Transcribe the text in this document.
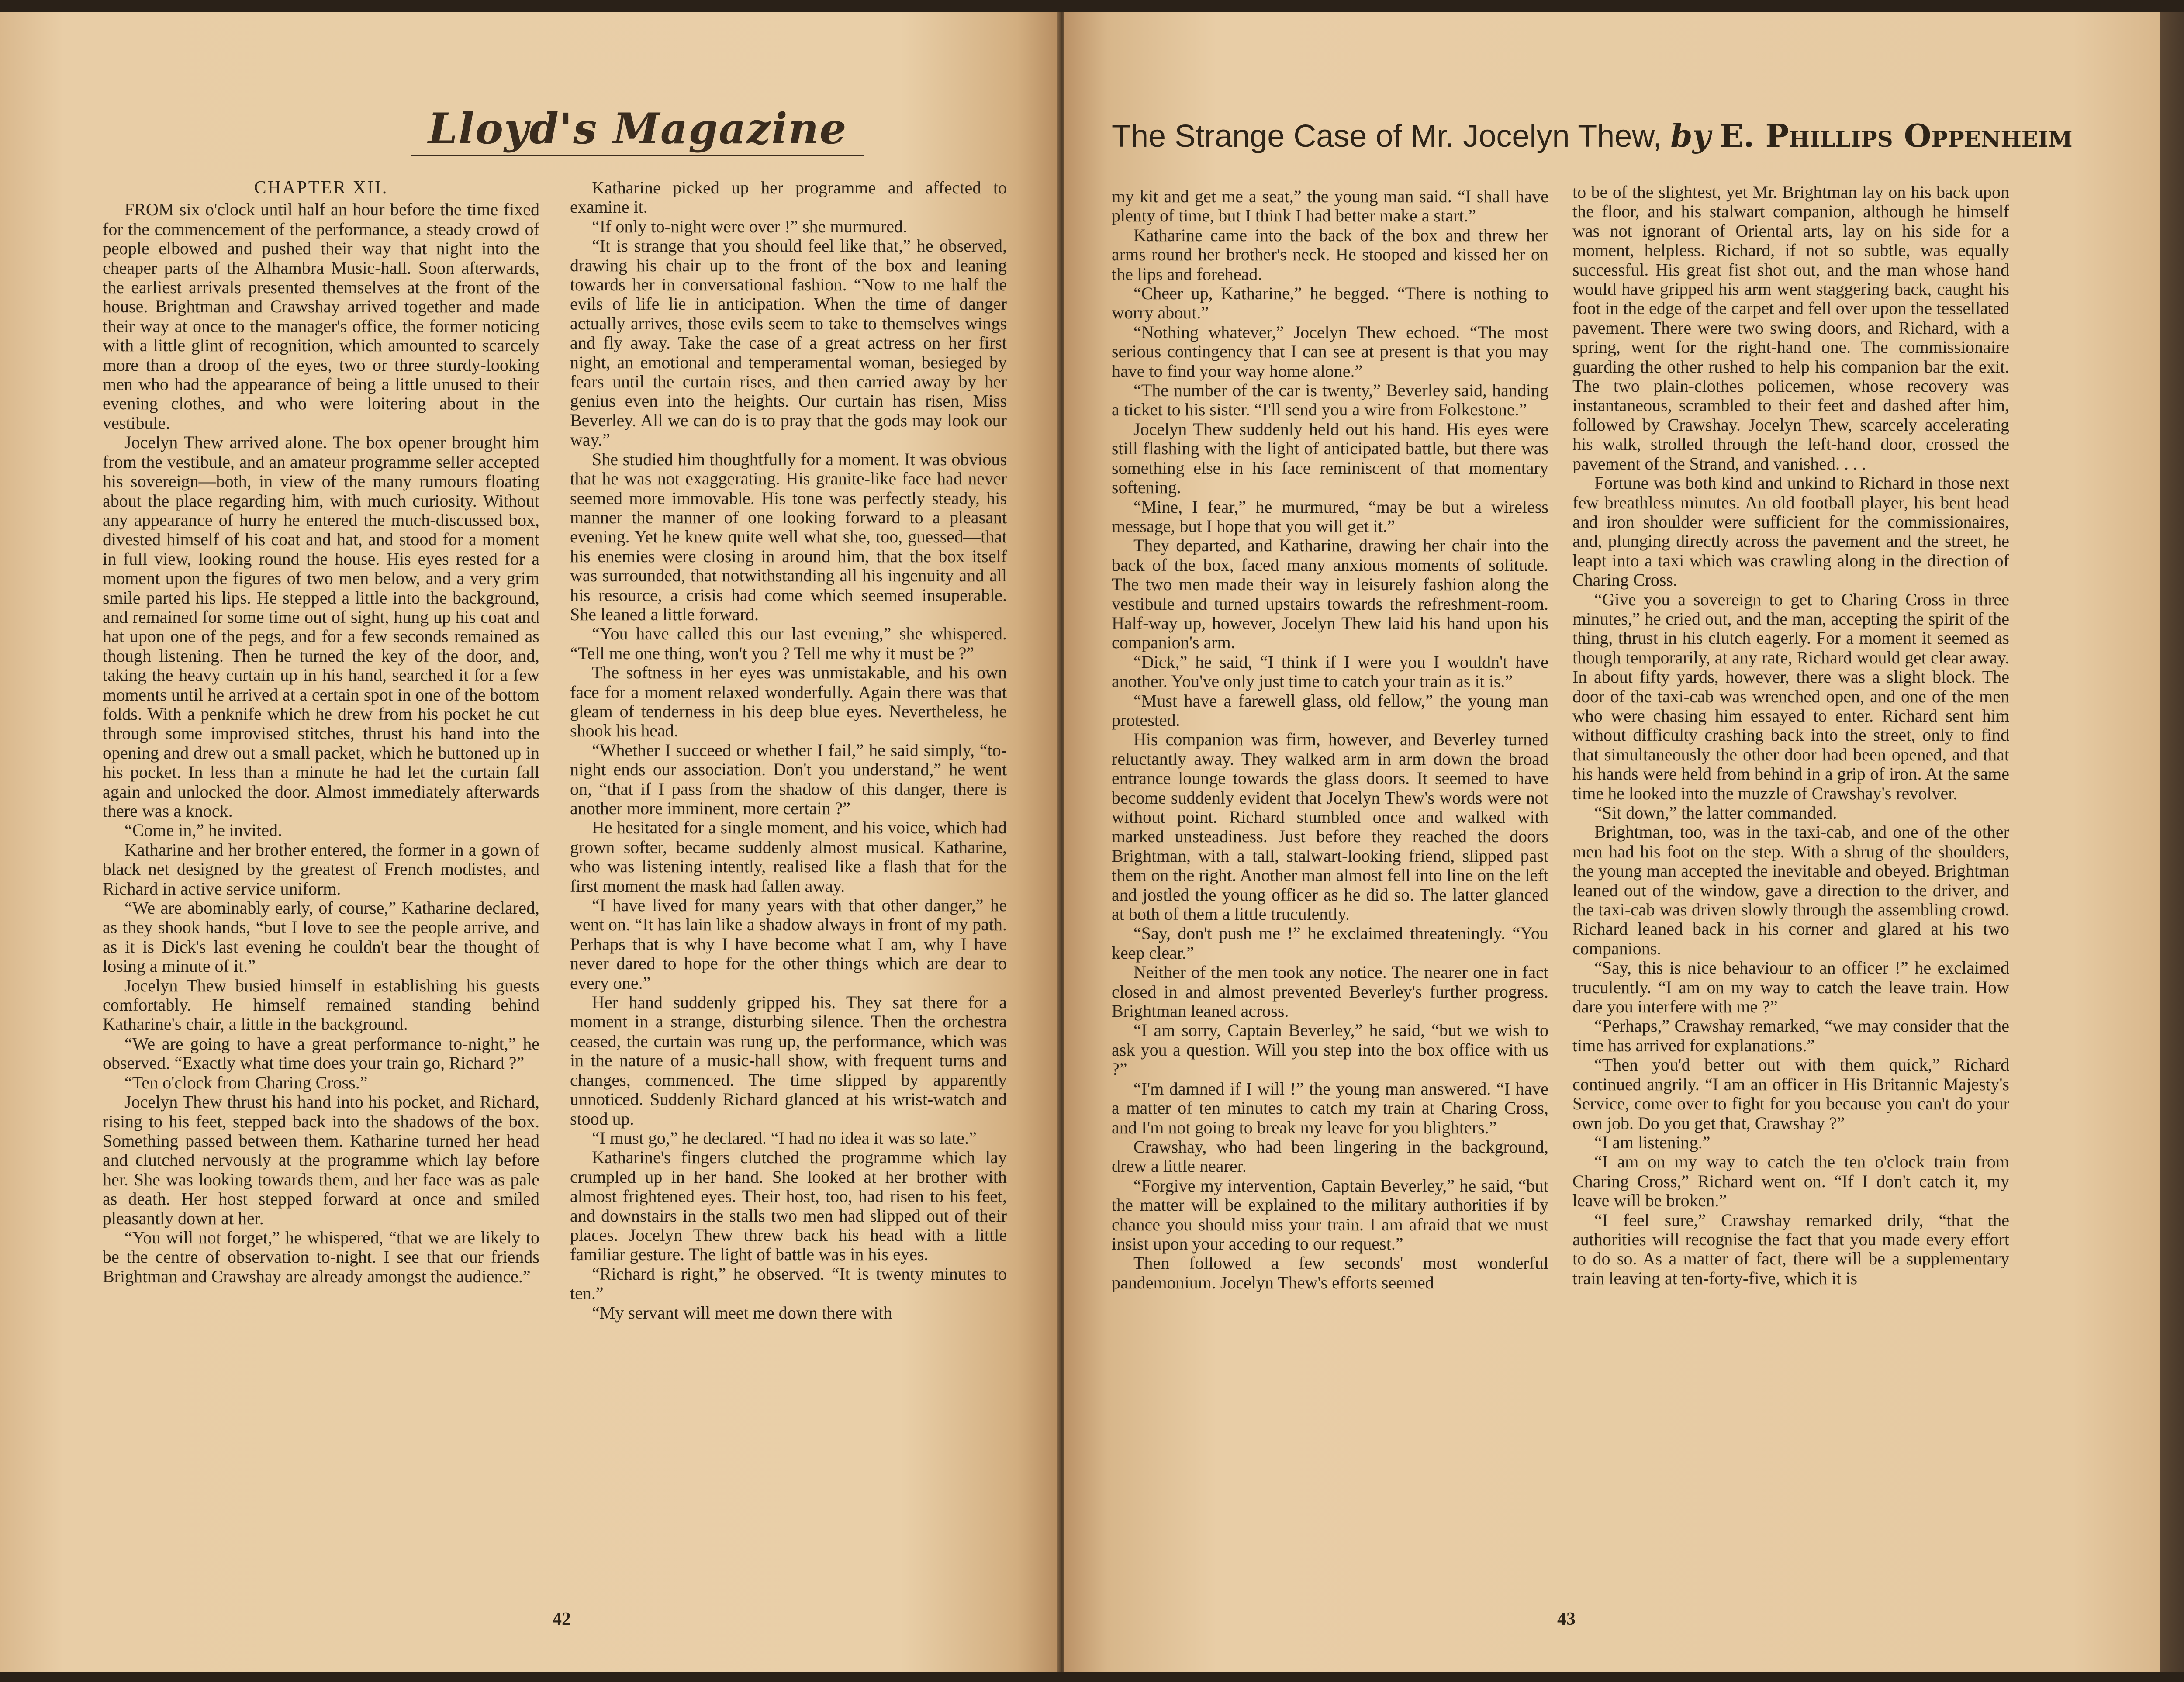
Lloyd's Magazine

CHAPTER XII.

FROM six o'clock until half an hour before the time fixed for the commencement of the performance, a steady crowd of people elbowed and pushed their way that night into the cheaper parts of the Alhambra Music-hall. Soon afterwards, the earliest arrivals presented themselves at the front of the house. Brightman and Crawshay arrived together and made their way at once to the manager's office, the former noticing with a little glint of recognition, which amounted to scarcely more than a droop of the eyes, two or three sturdy-looking men who had the appearance of being a little unused to their evening clothes, and who were loitering about in the vestibule.

Jocelyn Thew arrived alone. The box opener brought him from the vestibule, and an amateur programme seller accepted his sovereign—both, in view of the many rumours floating about the place regarding him, with much curiosity. Without any appearance of hurry he entered the much-discussed box, divested himself of his coat and hat, and stood for a moment in full view, looking round the house. His eyes rested for a moment upon the figures of two men below, and a very grim smile parted his lips. He stepped a little into the background, and remained for some time out of sight, hung up his coat and hat upon one of the pegs, and for a few seconds remained as though listening. Then he turned the key of the door, and, taking the heavy curtain up in his hand, searched it for a few moments until he arrived at a certain spot in one of the bottom folds. With a penknife which he drew from his pocket he cut through some improvised stitches, thrust his hand into the opening and drew out a small packet, which he buttoned up in his pocket. In less than a minute he had let the curtain fall again and unlocked the door. Almost immediately afterwards there was a knock.

“Come in,” he invited.

Katharine and her brother entered, the former in a gown of black net designed by the greatest of French modistes, and Richard in active service uniform.

“We are abominably early, of course,” Katharine declared, as they shook hands, “but I love to see the people arrive, and as it is Dick's last evening he couldn't bear the thought of losing a minute of it.”

Jocelyn Thew busied himself in establishing his guests comfortably. He himself remained standing behind Katharine's chair, a little in the background.

“We are going to have a great performance to-night,” he observed. “Exactly what time does your train go, Richard ?”

“Ten o'clock from Charing Cross.”

Jocelyn Thew thrust his hand into his pocket, and Richard, rising to his feet, stepped back into the shadows of the box. Something passed between them. Katharine turned her head and clutched nervously at the programme which lay before her. She was looking towards them, and her face was as pale as death. Her host stepped forward at once and smiled pleasantly down at her.

“You will not forget,” he whispered, “that we are likely to be the centre of observation to-night. I see that our friends Brightman and Crawshay are already amongst the audience.”

Katharine picked up her programme and affected to examine it.

“If only to-night were over !” she murmured.

“It is strange that you should feel like that,” he observed, drawing his chair up to the front of the box and leaning towards her in conversational fashion. “Now to me half the evils of life lie in anticipation. When the time of danger actually arrives, those evils seem to take to themselves wings and fly away. Take the case of a great actress on her first night, an emotional and temperamental woman, besieged by fears until the curtain rises, and then carried away by her genius even into the heights. Our curtain has risen, Miss Beverley. All we can do is to pray that the gods may look our way.”

She studied him thoughtfully for a moment. It was obvious that he was not exaggerating. His granite-like face had never seemed more immovable. His tone was perfectly steady, his manner the manner of one looking forward to a pleasant evening. Yet he knew quite well what she, too, guessed—that his enemies were closing in around him, that the box itself was surrounded, that notwithstanding all his ingenuity and all his resource, a crisis had come which seemed insuperable. She leaned a little forward.

“You have called this our last evening,” she whispered. “Tell me one thing, won't you ? Tell me why it must be ?”

The softness in her eyes was unmistakable, and his own face for a moment relaxed wonderfully. Again there was that gleam of tenderness in his deep blue eyes. Nevertheless, he shook his head.

“Whether I succeed or whether I fail,” he said simply, “to-night ends our association. Don't you understand,” he went on, “that if I pass from the shadow of this danger, there is another more imminent, more certain ?”

He hesitated for a single moment, and his voice, which had grown softer, became suddenly almost musical. Katharine, who was listening intently, realised like a flash that for the first moment the mask had fallen away.

“I have lived for many years with that other danger,” he went on. “It has lain like a shadow always in front of my path. Perhaps that is why I have become what I am, why I have never dared to hope for the other things which are dear to every one.”

Her hand suddenly gripped his. They sat there for a moment in a strange, disturbing silence. Then the orchestra ceased, the curtain was rung up, the performance, which was in the nature of a music-hall show, with frequent turns and changes, commenced. The time slipped by apparently unnoticed. Suddenly Richard glanced at his wrist-watch and stood up.

“I must go,” he declared. “I had no idea it was so late.”

Katharine's fingers clutched the programme which lay crumpled up in her hand. She looked at her brother with almost frightened eyes. Their host, too, had risen to his feet, and downstairs in the stalls two men had slipped out of their places. Jocelyn Thew threw back his head with a little familiar gesture. The light of battle was in his eyes.

“Richard is right,” he observed. “It is twenty minutes to ten.”

“My servant will meet me down there with

42
The Strange Case of Mr. Jocelyn Thew, by E. Phillips Oppenheim

my kit and get me a seat,” the young man said. “I shall have plenty of time, but I think I had better make a start.”

Katharine came into the back of the box and threw her arms round her brother's neck. He stooped and kissed her on the lips and forehead.

“Cheer up, Katharine,” he begged. “There is nothing to worry about.”

“Nothing whatever,” Jocelyn Thew echoed. “The most serious contingency that I can see at present is that you may have to find your way home alone.”

“The number of the car is twenty,” Beverley said, handing a ticket to his sister. “I'll send you a wire from Folkestone.”

Jocelyn Thew suddenly held out his hand. His eyes were still flashing with the light of anticipated battle, but there was something else in his face reminiscent of that momentary softening.

“Mine, I fear,” he murmured, “may be but a wireless message, but I hope that you will get it.”

They departed, and Katharine, drawing her chair into the back of the box, faced many anxious moments of solitude. The two men made their way in leisurely fashion along the vestibule and turned upstairs towards the refreshment-room. Half-way up, however, Jocelyn Thew laid his hand upon his companion's arm.

“Dick,” he said, “I think if I were you I wouldn't have another. You've only just time to catch your train as it is.”

“Must have a farewell glass, old fellow,” the young man protested.

His companion was firm, however, and Beverley turned reluctantly away. They walked arm in arm down the broad entrance lounge towards the glass doors. It seemed to have become suddenly evident that Jocelyn Thew's words were not without point. Richard stumbled once and walked with marked unsteadiness. Just before they reached the doors Brightman, with a tall, stalwart-looking friend, slipped past them on the right. Another man almost fell into line on the left and jostled the young officer as he did so. The latter glanced at both of them a little truculently.

“Say, don't push me !” he exclaimed threateningly. “You keep clear.”

Neither of the men took any notice. The nearer one in fact closed in and almost prevented Beverley's further progress. Brightman leaned across.

“I am sorry, Captain Beverley,” he said, “but we wish to ask you a question. Will you step into the box office with us ?”

“I'm damned if I will !” the young man answered. “I have a matter of ten minutes to catch my train at Charing Cross, and I'm not going to break my leave for you blighters.”

Crawshay, who had been lingering in the background, drew a little nearer.

“Forgive my intervention, Captain Beverley,” he said, “but the matter will be explained to the military authorities if by chance you should miss your train. I am afraid that we must insist upon your acceding to our request.”

Then followed a few seconds' most wonderful pandemonium. Jocelyn Thew's efforts seemed

to be of the slightest, yet Mr. Brightman lay on his back upon the floor, and his stalwart companion, although he himself was not ignorant of Oriental arts, lay on his side for a moment, helpless. Richard, if not so subtle, was equally successful. His great fist shot out, and the man whose hand would have gripped his arm went staggering back, caught his foot in the edge of the carpet and fell over upon the tessellated pavement. There were two swing doors, and Richard, with a spring, went for the right-hand one. The commissionaire guarding the other rushed to help his companion bar the exit. The two plain-clothes policemen, whose recovery was instantaneous, scrambled to their feet and dashed after him, followed by Crawshay. Jocelyn Thew, scarcely accelerating his walk, strolled through the left-hand door, crossed the pavement of the Strand, and vanished. . . .

Fortune was both kind and unkind to Richard in those next few breathless minutes. An old football player, his bent head and iron shoulder were sufficient for the commissionaires, and, plunging directly across the pavement and the street, he leapt into a taxi which was crawling along in the direction of Charing Cross.

“Give you a sovereign to get to Charing Cross in three minutes,” he cried out, and the man, accepting the spirit of the thing, thrust in his clutch eagerly. For a moment it seemed as though temporarily, at any rate, Richard would get clear away. In about fifty yards, however, there was a slight block. The door of the taxi-cab was wrenched open, and one of the men who were chasing him essayed to enter. Richard sent him without difficulty crashing back into the street, only to find that simultaneously the other door had been opened, and that his hands were held from behind in a grip of iron. At the same time he looked into the muzzle of Crawshay's revolver.

“Sit down,” the latter commanded.

Brightman, too, was in the taxi-cab, and one of the other men had his foot on the step. With a shrug of the shoulders, the young man accepted the inevitable and obeyed. Brightman leaned out of the window, gave a direction to the driver, and the taxi-cab was driven slowly through the assembling crowd. Richard leaned back in his corner and glared at his two companions.

“Say, this is nice behaviour to an officer !” he exclaimed truculently. “I am on my way to catch the leave train. How dare you interfere with me ?”

“Perhaps,” Crawshay remarked, “we may consider that the time has arrived for explanations.”

“Then you'd better out with them quick,” Richard continued angrily. “I am an officer in His Britannic Majesty's Service, come over to fight for you because you can't do your own job. Do you get that, Crawshay ?”

“I am listening.”

“I am on my way to catch the ten o'clock train from Charing Cross,” Richard went on. “If I don't catch it, my leave will be broken.”

“I feel sure,” Crawshay remarked drily, “that the authorities will recognise the fact that you made every effort to do so. As a matter of fact, there will be a supplementary train leaving at ten-forty-five, which it is

43
